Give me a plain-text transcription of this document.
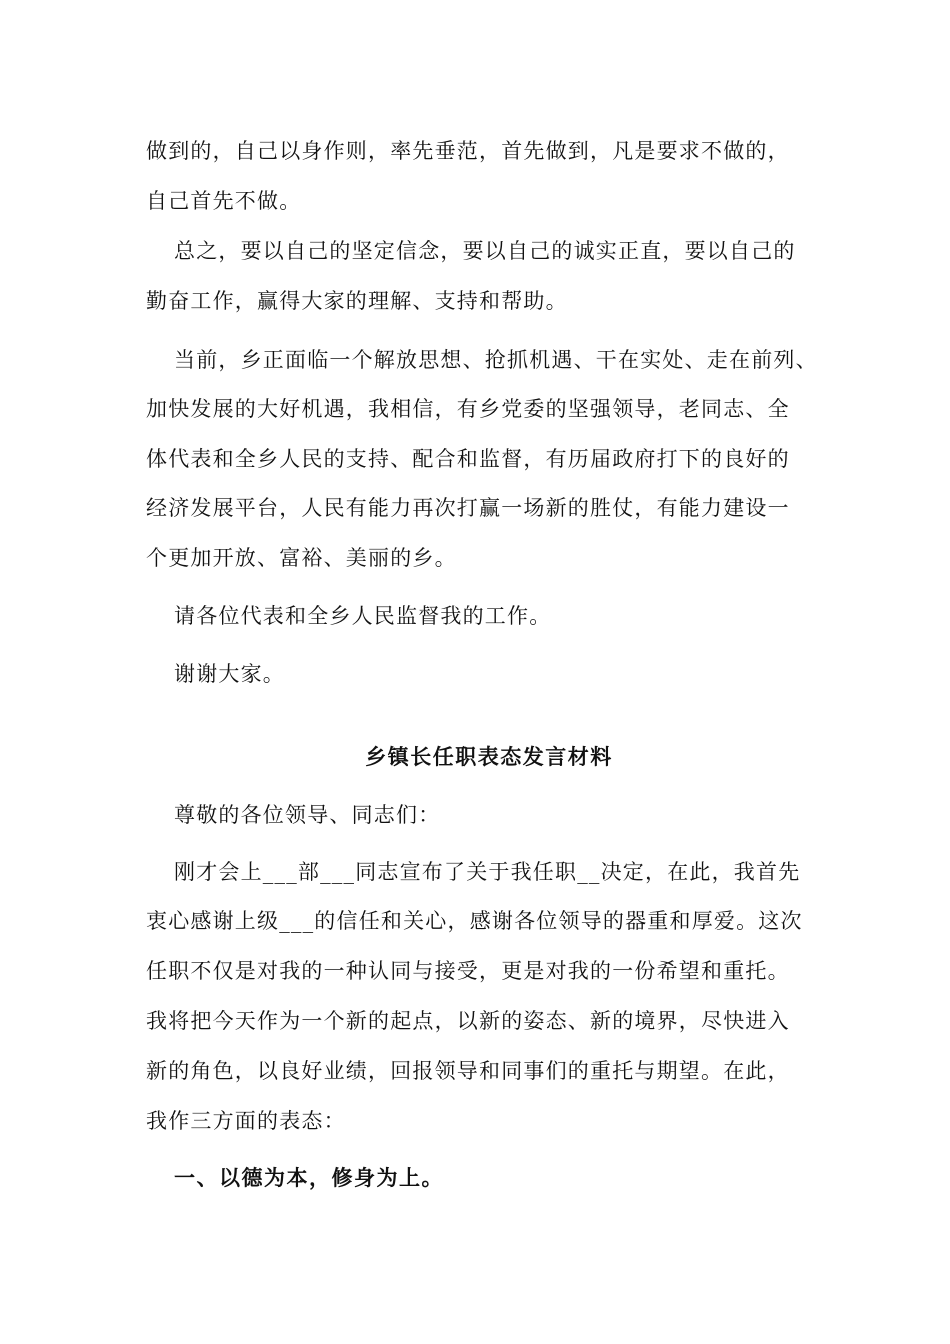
做到的，自己以身作则，率先垂范，首先做到，凡是要求不做的，
自己首先不做。
总之，要以自己的坚定信念，要以自己的诚实正直，要以自己的
勤奋工作，赢得大家的理解、支持和帮助。
当前，乡正面临一个解放思想、抢抓机遇、干在实处、走在前列、
加快发展的大好机遇，我相信，有乡党委的坚强领导，老同志、全
体代表和全乡人民的支持、配合和监督，有历届政府打下的良好的
经济发展平台，人民有能力再次打赢一场新的胜仗，有能力建设一
个更加开放、富裕、美丽的乡。
请各位代表和全乡人民监督我的工作。
谢谢大家。
乡镇长任职表态发言材料
尊敬的各位领导、同志们：
刚才会上___部___同志宣布了关于我任职__决定，在此，我首先
衷心感谢上级___的信任和关心，感谢各位领导的器重和厚爱。这次
任职不仅是对我的一种认同与接受，更是对我的一份希望和重托。
我将把今天作为一个新的起点，以新的姿态、新的境界，尽快进入
新的角色，以良好业绩，回报领导和同事们的重托与期望。在此，
我作三方面的表态：
一、以德为本，修身为上。
